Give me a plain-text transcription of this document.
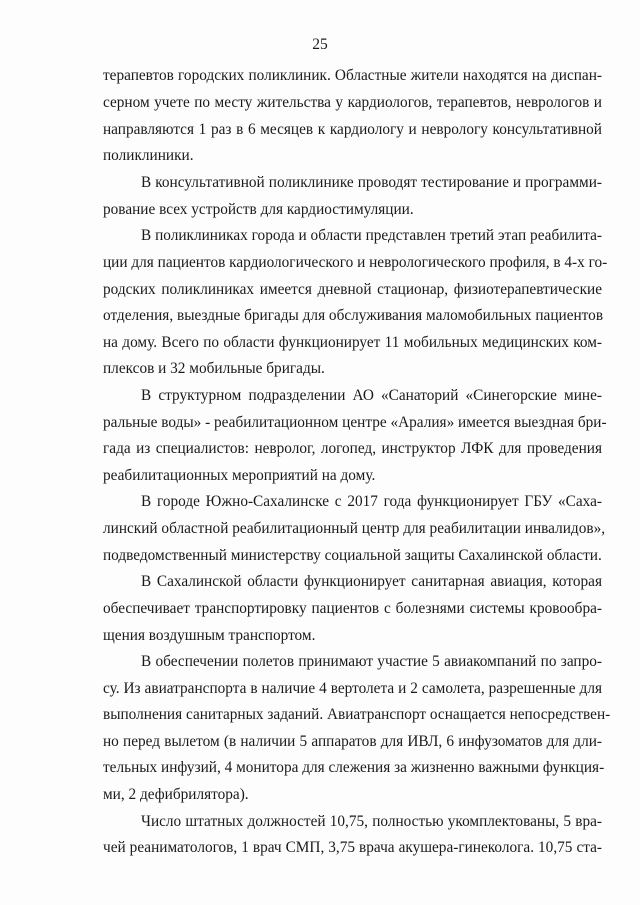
25
терапевтов городских поликлиник. Областные жители находятся на диспан-
серном учете по месту жительства у кардиологов, терапевтов, неврологов и
направляются 1 раз в 6 месяцев к кардиологу и неврологу консультативной
поликлиники.
В консультативной поликлинике проводят тестирование и программи-
рование всех устройств для кардиостимуляции.
В поликлиниках города и области представлен третий этап реабилита-
ции для пациентов кардиологического и неврологического профиля, в 4-х го-
родских поликлиниках имеется дневной стационар, физиотерапевтические
отделения, выездные бригады для обслуживания маломобильных пациентов
на дому. Всего по области функционирует 11 мобильных медицинских ком-
плексов и 32 мобильные бригады.
В структурном подразделении АО «Санаторий «Синегорские мине-
ральные воды» - реабилитационном центре «Аралия» имеется выездная бри-
гада из специалистов: невролог, логопед, инструктор ЛФК для проведения
реабилитационных мероприятий на дому.
В городе Южно-Сахалинске с 2017 года функционирует ГБУ «Саха-
линский областной реабилитационный центр для реабилитации инвалидов»,
подведомственный министерству социальной защиты Сахалинской области.
В Сахалинской области функционирует санитарная авиация, которая
обеспечивает транспортировку пациентов с болезнями системы кровообра-
щения воздушным транспортом.
В обеспечении полетов принимают участие 5 авиакомпаний по запро-
су. Из авиатранспорта в наличие 4 вертолета и 2 самолета, разрешенные для
выполнения санитарных заданий. Авиатранспорт оснащается непосредствен-
но перед вылетом (в наличии 5 аппаратов для ИВЛ, 6 инфузоматов для дли-
тельных инфузий, 4 монитора для слежения за жизненно важными функция-
ми, 2 дефибрилятора).
Число штатных должностей 10,75, полностью укомплектованы, 5 вра-
чей реаниматологов, 1 врач СМП, 3,75 врача акушера-гинеколога. 10,75 ста-
